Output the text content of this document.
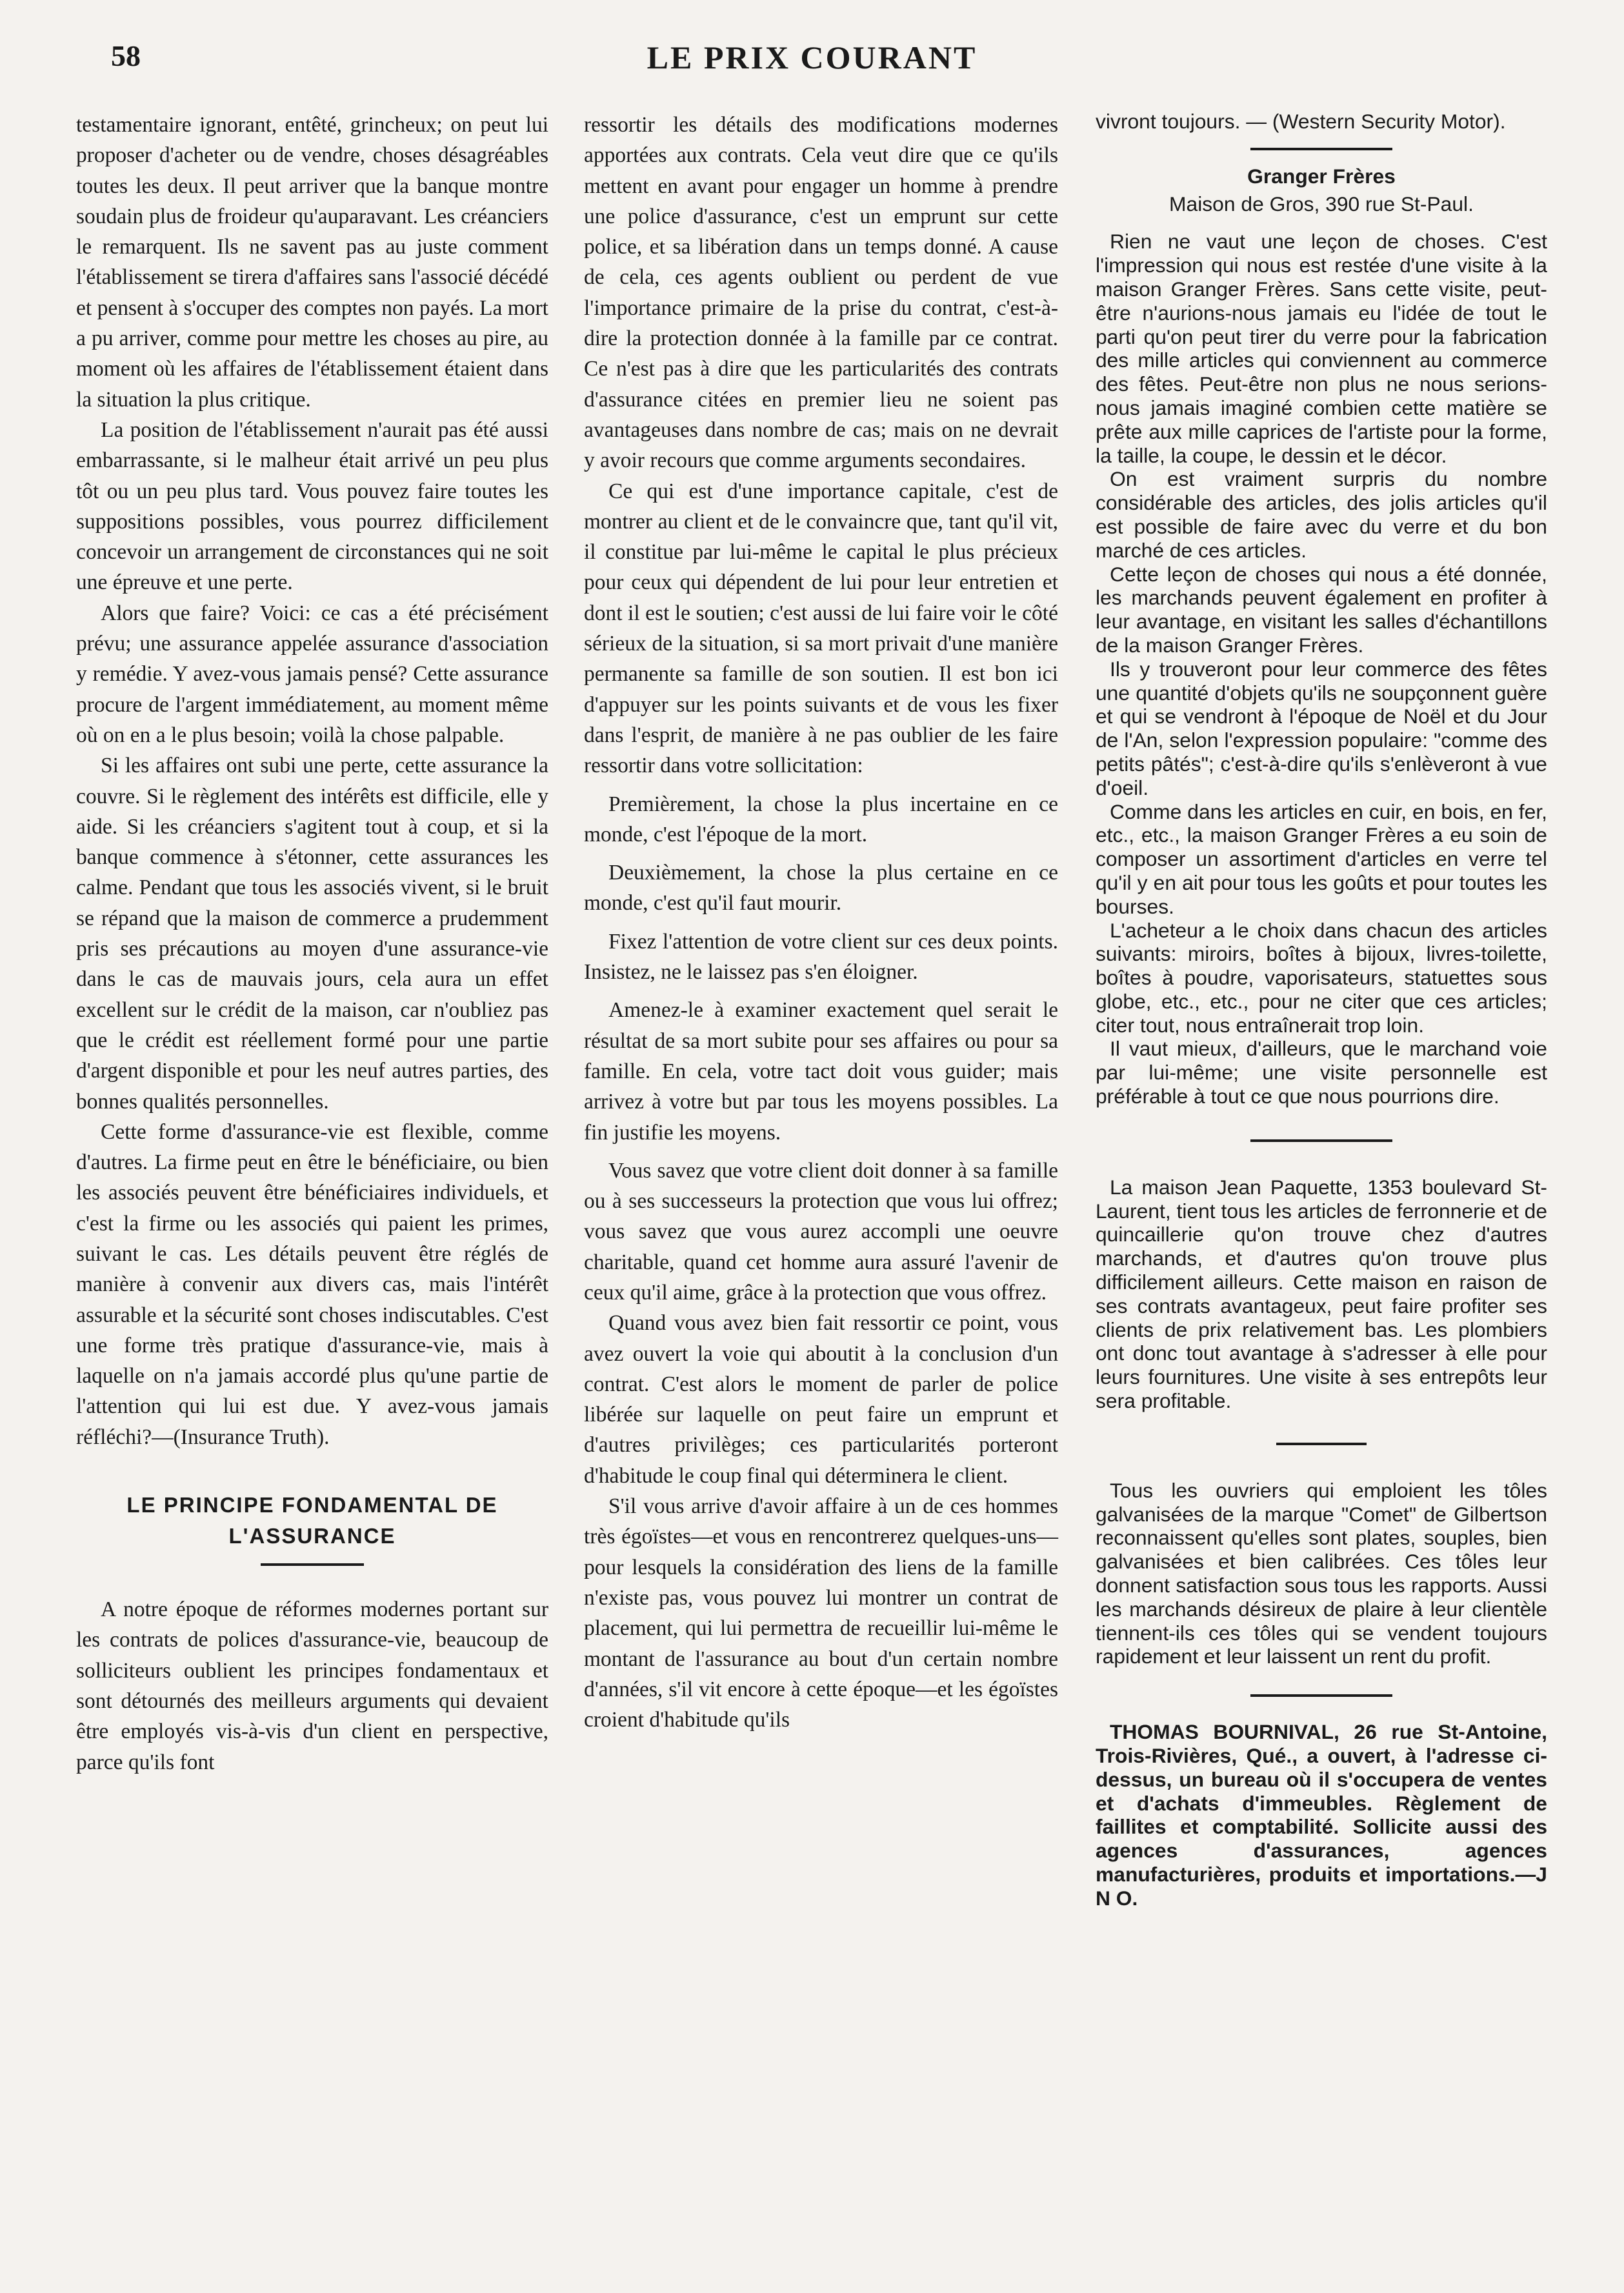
58	LE PRIX COURANT

testamentaire ignorant, entêté, grincheux; on peut lui proposer d'acheter ou de vendre, choses désagréables toutes les deux. Il peut arriver que la banque montre soudain plus de froideur qu'auparavant. Les créanciers le remarquent. Ils ne savent pas au juste comment l'établissement se tirera d'affaires sans l'associé décédé et pensent à s'occuper des comptes non payés. La mort a pu arriver, comme pour mettre les choses au pire, au moment où les affaires de l'établissement étaient dans la situation la plus critique.

La position de l'établissement n'aurait pas été aussi embarrassante, si le malheur était arrivé un peu plus tôt ou un peu plus tard. Vous pouvez faire toutes les suppositions possibles, vous pourrez difficilement concevoir un arrangement de circonstances qui ne soit une épreuve et une perte.

Alors que faire? Voici: ce cas a été précisément prévu; une assurance appelée assurance d'association y remédie. Y avez-vous jamais pensé? Cette assurance procure de l'argent immédiatement, au moment même où on en a le plus besoin; voilà la chose palpable.

Si les affaires ont subi une perte, cette assurance la couvre. Si le règlement des intérêts est difficile, elle y aide. Si les créanciers s'agitent tout à coup, et si la banque commence à s'étonner, cette assurances les calme. Pendant que tous les associés vivent, si le bruit se répand que la maison de commerce a prudemment pris ses précautions au moyen d'une assurance-vie dans le cas de mauvais jours, cela aura un effet excellent sur le crédit de la maison, car n'oubliez pas que le crédit est réellement formé pour une partie d'argent disponible et pour les neuf autres parties, des bonnes qualités personnelles.

Cette forme d'assurance-vie est flexible, comme d'autres. La firme peut en être le bénéficiaire, ou bien les associés peuvent être bénéficiaires individuels, et c'est la firme ou les associés qui paient les primes, suivant le cas. Les détails peuvent être réglés de manière à convenir aux divers cas, mais l'intérêt assurable et la sécurité sont choses indiscutables. C'est une forme très pratique d'assurance-vie, mais à laquelle on n'a jamais accordé plus qu'une partie de l'attention qui lui est due. Y avez-vous jamais réfléchi?—(Insurance Truth).

LE PRINCIPE FONDAMENTAL DE L'ASSURANCE

A notre époque de réformes modernes portant sur les contrats de polices d'assurance-vie, beaucoup de solliciteurs oublient les principes fondamentaux et sont détournés des meilleurs arguments qui devaient être employés vis-à-vis d'un client en perspective, parce qu'ils font

ressortir les détails des modifications modernes apportées aux contrats. Cela veut dire que ce qu'ils mettent en avant pour engager un homme à prendre une police d'assurance, c'est un emprunt sur cette police, et sa libération dans un temps donné. A cause de cela, ces agents oublient ou perdent de vue l'importance primaire de la prise du contrat, c'est-à-dire la protection donnée à la famille par ce contrat. Ce n'est pas à dire que les particularités des contrats d'assurance citées en premier lieu ne soient pas avantageuses dans nombre de cas; mais on ne devrait y avoir recours que comme arguments secondaires.

Ce qui est d'une importance capitale, c'est de montrer au client et de le convaincre que, tant qu'il vit, il constitue par lui-même le capital le plus précieux pour ceux qui dépendent de lui pour leur entretien et dont il est le soutien; c'est aussi de lui faire voir le côté sérieux de la situation, si sa mort privait d'une manière permanente sa famille de son soutien. Il est bon ici d'appuyer sur les points suivants et de vous les fixer dans l'esprit, de manière à ne pas oublier de les faire ressortir dans votre sollicitation:

Premièrement, la chose la plus incertaine en ce monde, c'est l'époque de la mort.

Deuxièmement, la chose la plus certaine en ce monde, c'est qu'il faut mourir.

Fixez l'attention de votre client sur ces deux points. Insistez, ne le laissez pas s'en éloigner.

Amenez-le à examiner exactement quel serait le résultat de sa mort subite pour ses affaires ou pour sa famille. En cela, votre tact doit vous guider; mais arrivez à votre but par tous les moyens possibles. La fin justifie les moyens.

Vous savez que votre client doit donner à sa famille ou à ses successeurs la protection que vous lui offrez; vous savez que vous aurez accompli une oeuvre charitable, quand cet homme aura assuré l'avenir de ceux qu'il aime, grâce à la protection que vous offrez.

Quand vous avez bien fait ressortir ce point, vous avez ouvert la voie qui aboutit à la conclusion d'un contrat. C'est alors le moment de parler de police libérée sur laquelle on peut faire un emprunt et d'autres privilèges; ces particularités porteront d'habitude le coup final qui déterminera le client.

S'il vous arrive d'avoir affaire à un de ces hommes très égoïstes—et vous en rencontrerez quelques-uns—pour lesquels la considération des liens de la famille n'existe pas, vous pouvez lui montrer un contrat de placement, qui lui permettra de recueillir lui-même le montant de l'assurance au bout d'un certain nombre d'années, s'il vit encore à cette époque—et les égoïstes croient d'habitude qu'ils

vivront toujours. — (Western Security Motor).

Granger Frères
Maison de Gros, 390 rue St-Paul.

Rien ne vaut une leçon de choses. C'est l'impression qui nous est restée d'une visite à la maison Granger Frères. Sans cette visite, peut-être n'aurions-nous jamais eu l'idée de tout le parti qu'on peut tirer du verre pour la fabrication des mille articles qui conviennent au commerce des fêtes. Peut-être non plus ne nous serions-nous jamais imaginé combien cette matière se prête aux mille caprices de l'artiste pour la forme, la taille, la coupe, le dessin et le décor.

On est vraiment surpris du nombre considérable des articles, des jolis articles qu'il est possible de faire avec du verre et du bon marché de ces articles.

Cette leçon de choses qui nous a été donnée, les marchands peuvent également en profiter à leur avantage, en visitant les salles d'échantillons de la maison Granger Frères.

Ils y trouveront pour leur commerce des fêtes une quantité d'objets qu'ils ne soupçonnent guère et qui se vendront à l'époque de Noël et du Jour de l'An, selon l'expression populaire: "comme des petits pâtés"; c'est-à-dire qu'ils s'enlèveront à vue d'oeil.

Comme dans les articles en cuir, en bois, en fer, etc., etc., la maison Granger Frères a eu soin de composer un assortiment d'articles en verre tel qu'il y en ait pour tous les goûts et pour toutes les bourses.

L'acheteur a le choix dans chacun des articles suivants: miroirs, boîtes à bijoux, livres-toilette, boîtes à poudre, vaporisateurs, statuettes sous globe, etc., etc., pour ne citer que ces articles; citer tout, nous entraînerait trop loin.

Il vaut mieux, d'ailleurs, que le marchand voie par lui-même; une visite personnelle est préférable à tout ce que nous pourrions dire.

La maison Jean Paquette, 1353 boulevard St-Laurent, tient tous les articles de ferronnerie et de quincaillerie qu'on trouve chez d'autres marchands, et d'autres qu'on trouve plus difficilement ailleurs. Cette maison en raison de ses contrats avantageux, peut faire profiter ses clients de prix relativement bas. Les plombiers ont donc tout avantage à s'adresser à elle pour leurs fournitures. Une visite à ses entrepôts leur sera profitable.

Tous les ouvriers qui emploient les tôles galvanisées de la marque "Comet" de Gilbertson reconnaissent qu'elles sont plates, souples, bien galvanisées et bien calibrées. Ces tôles leur donnent satisfaction sous tous les rapports. Aussi les marchands désireux de plaire à leur clientèle tiennent-ils ces tôles qui se vendent toujours rapidement et leur laissent un rent du profit.

THOMAS BOURNIVAL, 26 rue St-Antoine, Trois-Rivières, Qué., a ouvert, à l'adresse ci-dessus, un bureau où il s'occupera de ventes et d'achats d'immeubles. Règlement de faillites et comptabilité. Sollicite aussi des agences d'assurances, agences manufacturières, produits et importations.—J N O.
